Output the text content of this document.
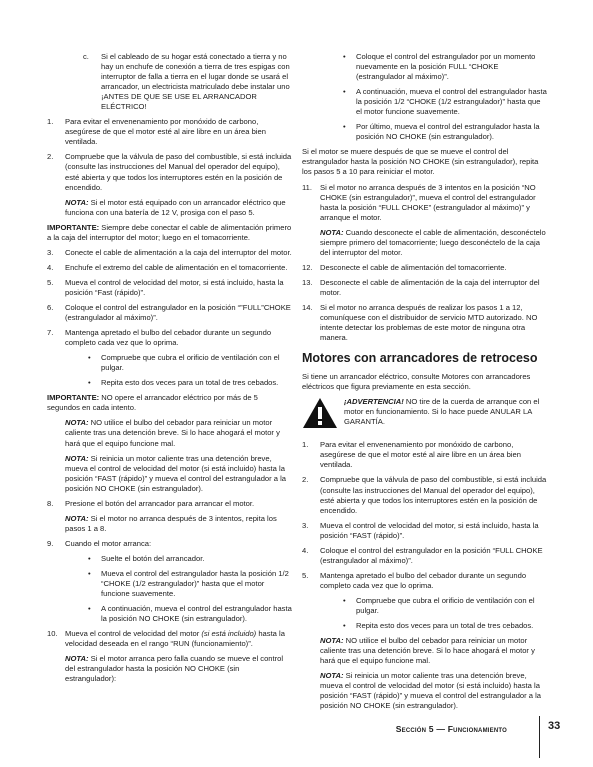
c.	Si el cableado de su hogar está conectado a tierra y no hay un enchufe de conexión a tierra de tres espigas con interruptor de falla a tierra en el lugar donde se usará el arrancador, un electricista matriculado debe instalar uno ¡ANTES DE QUE SE USE EL ARRANCADOR ELÉCTRICO!
1.	Para evitar el envenenamiento por monóxido de carbono, asegúrese de que el motor esté al aire libre en un área bien ventilada.
2.	Compruebe que la válvula de paso del combustible, si está incluida (consulte las instrucciones del Manual del operador del equipo), esté abierta y que todos los interruptores estén en la posición de encendido.
NOTA: Si el motor está equipado con un arrancador eléctrico que funciona con una batería de 12 V, prosiga con el paso 5.
IMPORTANTE: Siempre debe conectar el cable de alimentación primero a la caja del interruptor del motor; luego en el tomacorriente.
3.	Conecte el cable de alimentación a la caja del interruptor del motor.
4.	Enchufe el extremo del cable de alimentación en el tomacorriente.
5.	Mueva el control de velocidad del motor, si está incluido, hasta la posición “Fast (rápido)”.
6.	Coloque el control del estrangulador en la posición “”FULL”CHOKE (estrangulador al máximo)”.
7.	Mantenga apretado el bulbo del cebador durante un segundo completo cada vez que lo oprima.
•	Compruebe que cubra el orificio de ventilación con el pulgar.
•	Repita esto dos veces para un total de tres cebados.
IMPORTANTE: NO opere el arrancador eléctrico por más de 5 segundos en cada intento.
NOTA: NO utilice el bulbo del cebador para reiniciar un motor caliente tras una detención breve. Si lo hace ahogará el motor y hará que el equipo funcione mal.
NOTA: Si reinicia un motor caliente tras una detención breve, mueva el control de velocidad del motor (si está incluido) hasta la posición “FAST (rápido)” y mueva el control del estrangulador a la posición NO CHOKE (sin estrangulador).
8.	Presione el botón del arrancador para arrancar el motor.
NOTA: Si el motor no arranca después de 3 intentos, repita los pasos 1 a 8.
9.	Cuando el motor arranca:
•	Suelte el botón del arrancador.
•	Mueva el control del estrangulador hasta la posición 1/2 “CHOKE (1/2 estrangulador)” hasta que el motor funcione suavemente.
•	A continuación, mueva el control del estrangulador hasta la posición NO CHOKE (sin estrangulador).
10. Mueva el control de velocidad del motor (si está incluido) hasta la velocidad deseada en el rango “RUN (funcionamiento)”.
NOTA: Si el motor arranca pero falla cuando se mueve el control del estrangulador hasta la posición NO CHOKE (sin estrangulador):
•	Coloque el control del estrangulador por un momento nuevamente en la posición FULL “CHOKE (estrangulador al máximo)”.
•	A continuación, mueva el control del estrangulador hasta la posición 1/2 “CHOKE (1/2 estrangulador)” hasta que el motor funcione suavemente.
•	Por último, mueva el control del estrangulador hasta la posición NO CHOKE (sin estrangulador).
Si el motor se muere después de que se mueve el control del estrangulador hasta la posición NO CHOKE (sin estrangulador), repita los pasos 5 a 10 para reiniciar el motor.
11.	Si el motor no arranca después de 3 intentos en la posición “NO CHOKE (sin estrangulador)”, mueva el control del estrangulador hasta la posición “FULL CHOKE” (estrangulador al máximo)” y arranque el motor.
NOTA: Cuando desconecte el cable de alimentación, desconéctelo siempre primero del tomacorriente; luego desconéctelo de la caja del interruptor del motor.
12. Desconecte el cable de alimentación del tomacorriente.
13. Desconecte el cable de alimentación de la caja del interruptor del motor.
14. Si el motor no arranca después de realizar los pasos 1 a 12, comuníquese con el distribuidor de servicio MTD autorizado. NO intente detectar los problemas de este motor de ninguna otra manera.
Motores con arrancadores de retroceso
Si tiene un arrancador eléctrico, consulte Motores con arrancadores eléctricos que figura previamente en esta sección.
¡ADVERTENCIA! NO tire de la cuerda de arranque con el motor en funcionamiento. Si lo hace puede ANULAR LA GARANTÍA.
1.	Para evitar el envenenamiento por monóxido de carbono, asegúrese de que el motor esté al aire libre en un área bien ventilada.
2.	Compruebe que la válvula de paso del combustible, si está incluida (consulte las instrucciones del Manual del operador del equipo), esté abierta y que todos los interruptores estén en la posición de encendido.
3.	Mueva el control de velocidad del motor, si está incluido, hasta la posición “FAST (rápido)”.
4.	Coloque el control del estrangulador en la posición “FULL CHOKE (estrangulador al máximo)”.
5.	Mantenga apretado el bulbo del cebador durante un segundo completo cada vez que lo oprima.
•	Compruebe que cubra el orificio de ventilación con el pulgar.
•	Repita esto dos veces para un total de tres cebados.
NOTA: NO utilice el bulbo del cebador para reiniciar un motor caliente tras una detención breve. Si lo hace ahogará el motor y hará que el equipo funcione mal.
NOTA: Si reinicia un motor caliente tras una detención breve, mueva el control de velocidad del motor (si está incluido) hasta la posición “FAST (rápido)” y mueva el control del estrangulador a la posición NO CHOKE (sin estrangulador).
Sección 5 — Funcionamiento	33
